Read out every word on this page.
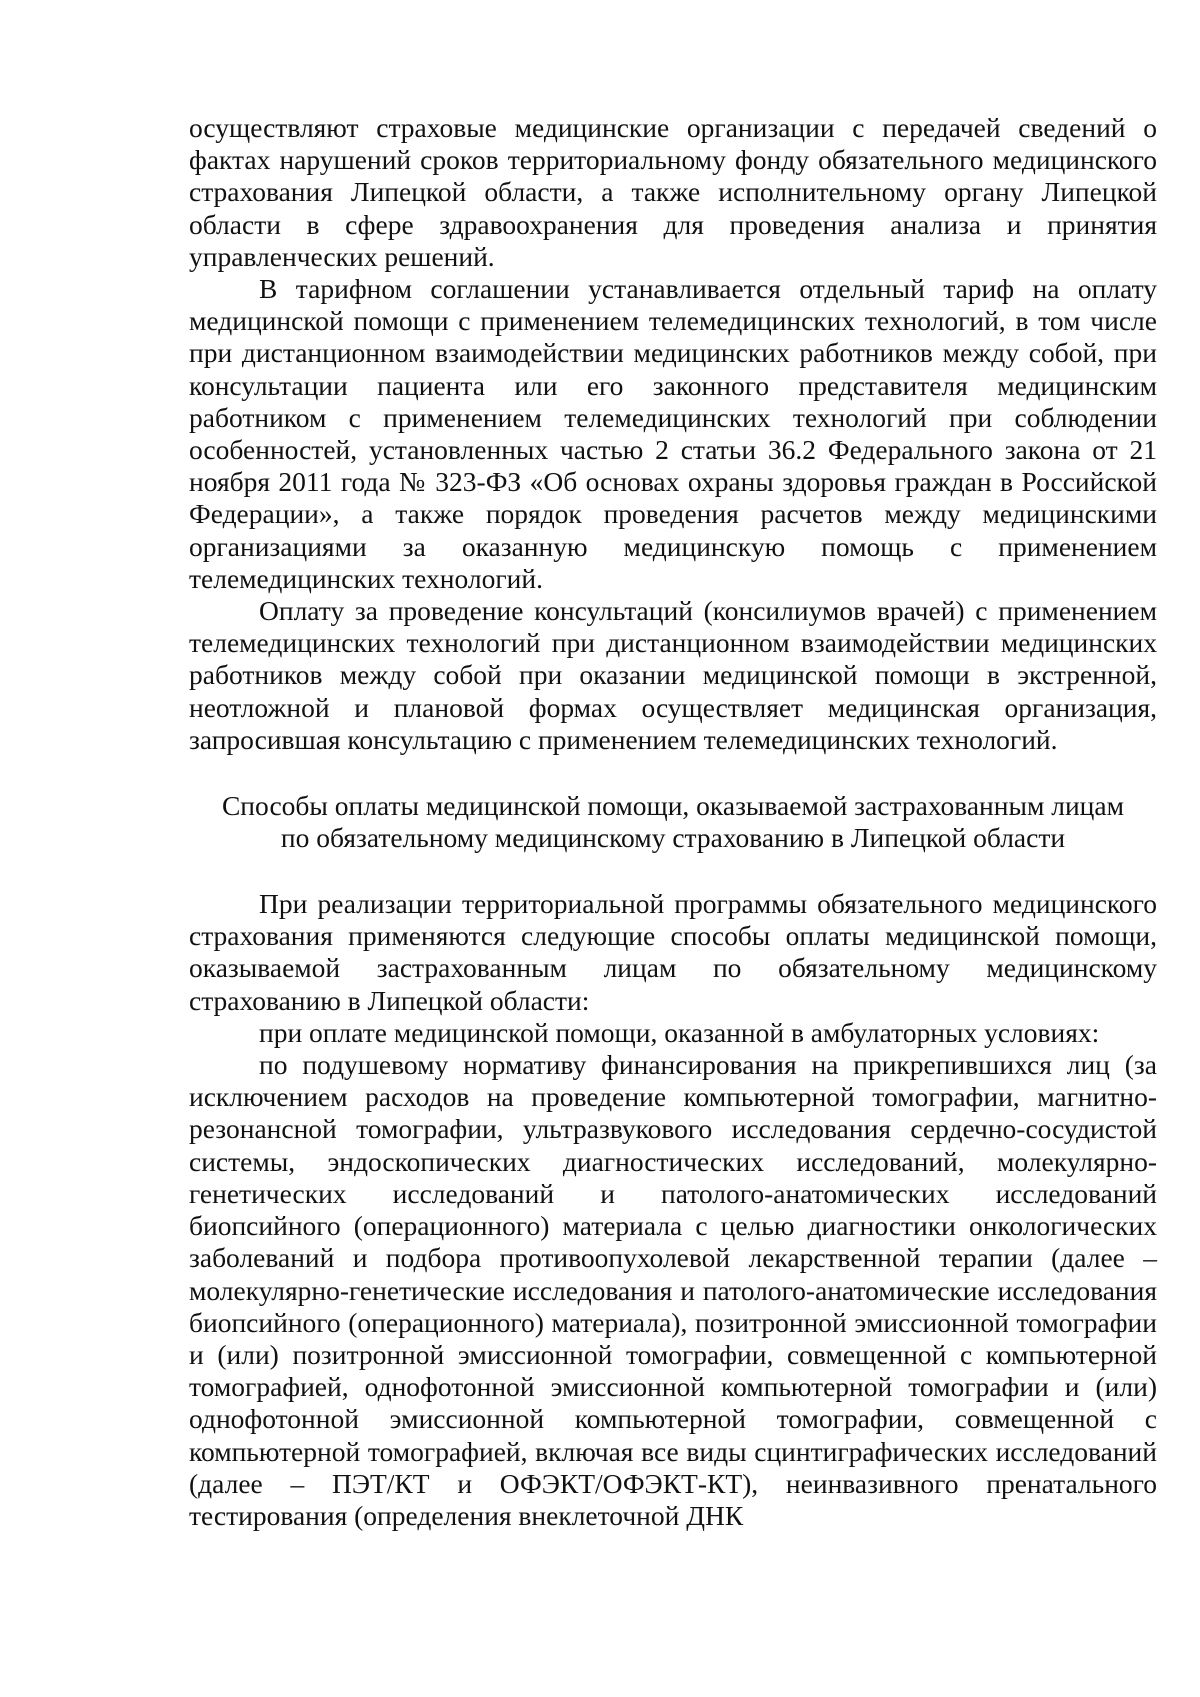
осуществляют страховые медицинские организации с передачей сведений о фактах нарушений сроков территориальному фонду обязательного медицинского страхования Липецкой области, а также исполнительному органу Липецкой области в сфере здравоохранения для проведения анализа и принятия управленческих решений.

В тарифном соглашении устанавливается отдельный тариф на оплату медицинской помощи с применением телемедицинских технологий, в том числе при дистанционном взаимодействии медицинских работников между собой, при консультации пациента или его законного представителя медицинским работником с применением телемедицинских технологий при соблюдении особенностей, установленных частью 2 статьи 36.2 Федерального закона от 21 ноября 2011 года № 323-ФЗ «Об основах охраны здоровья граждан в Российской Федерации», а также порядок проведения расчетов между медицинскими организациями за оказанную медицинскую помощь с применением телемедицинских технологий.

Оплату за проведение консультаций (консилиумов врачей) с применением телемедицинских технологий при дистанционном взаимодействии медицинских работников между собой при оказании медицинской помощи в экстренной, неотложной и плановой формах осуществляет медицинская организация, запросившая консультацию с применением телемедицинских технологий.

Способы оплаты медицинской помощи, оказываемой застрахованным лицам

по обязательному медицинскому страхованию в Липецкой области

При реализации территориальной программы обязательного медицинского страхования применяются следующие способы оплаты медицинской помощи, оказываемой застрахованным лицам по обязательному медицинскому страхованию в Липецкой области:

при оплате медицинской помощи, оказанной в амбулаторных условиях:

по подушевому нормативу финансирования на прикрепившихся лиц (за исключением расходов на проведение компьютерной томографии, магнитно-резонансной томографии, ультразвукового исследования сердечно-сосудистой системы, эндоскопических диагностических исследований, молекулярно-генетических исследований и патолого-анатомических исследований биопсийного (операционного) материала с целью диагностики онкологических заболеваний и подбора противоопухолевой лекарственной терапии (далее – молекулярно-генетические исследования и патолого-анатомические исследования биопсийного (операционного) материала), позитронной эмиссионной томографии и (или) позитронной эмиссионной томографии, совмещенной с компьютерной томографией, однофотонной эмиссионной компьютерной томографии и (или) однофотонной эмиссионной компьютерной томографии, совмещенной с компьютерной томографией, включая все виды сцинтиграфических исследований (далее – ПЭТ/КТ и ОФЭКТ/ОФЭКТ-КТ), неинвазивного пренатального тестирования (определения внеклеточной ДНК
